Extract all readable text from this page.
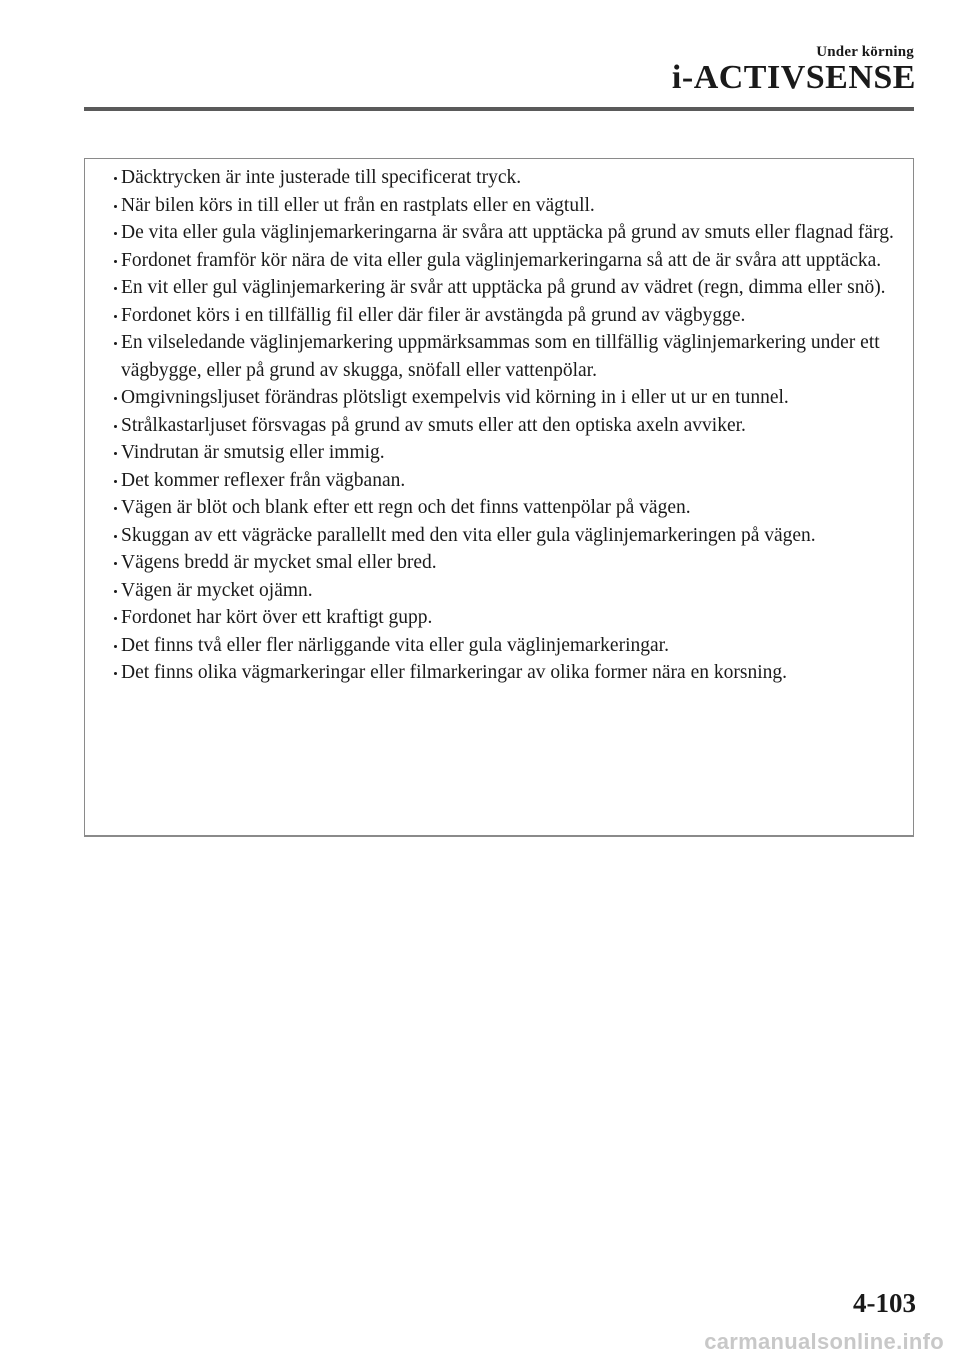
Under körning
i-ACTIVSENSE
Däcktrycken är inte justerade till specificerat tryck.
När bilen körs in till eller ut från en rastplats eller en vägtull.
De vita eller gula väglinjemarkeringarna är svåra att upptäcka på grund av smuts eller flagnad färg.
Fordonet framför kör nära de vita eller gula väglinjemarkeringarna så att de är svåra att upptäcka.
En vit eller gul väglinjemarkering är svår att upptäcka på grund av vädret (regn, dimma eller snö).
Fordonet körs i en tillfällig fil eller där filer är avstängda på grund av vägbygge.
En vilseledande väglinjemarkering uppmärksammas som en tillfällig väglinjemarkering under ett vägbygge, eller på grund av skugga, snöfall eller vattenpölar.
Omgivningsljuset förändras plötsligt exempelvis vid körning in i eller ut ur en tunnel.
Strålkastarljuset försvagas på grund av smuts eller att den optiska axeln avviker.
Vindrutan är smutsig eller immig.
Det kommer reflexer från vägbanan.
Vägen är blöt och blank efter ett regn och det finns vattenpölar på vägen.
Skuggan av ett vägräcke parallellt med den vita eller gula väglinjemarkeringen på vägen.
Vägens bredd är mycket smal eller bred.
Vägen är mycket ojämn.
Fordonet har kört över ett kraftigt gupp.
Det finns två eller fler närliggande vita eller gula väglinjemarkeringar.
Det finns olika vägmarkeringar eller filmarkeringar av olika former nära en korsning.
4-103
carmanualsonline.info
